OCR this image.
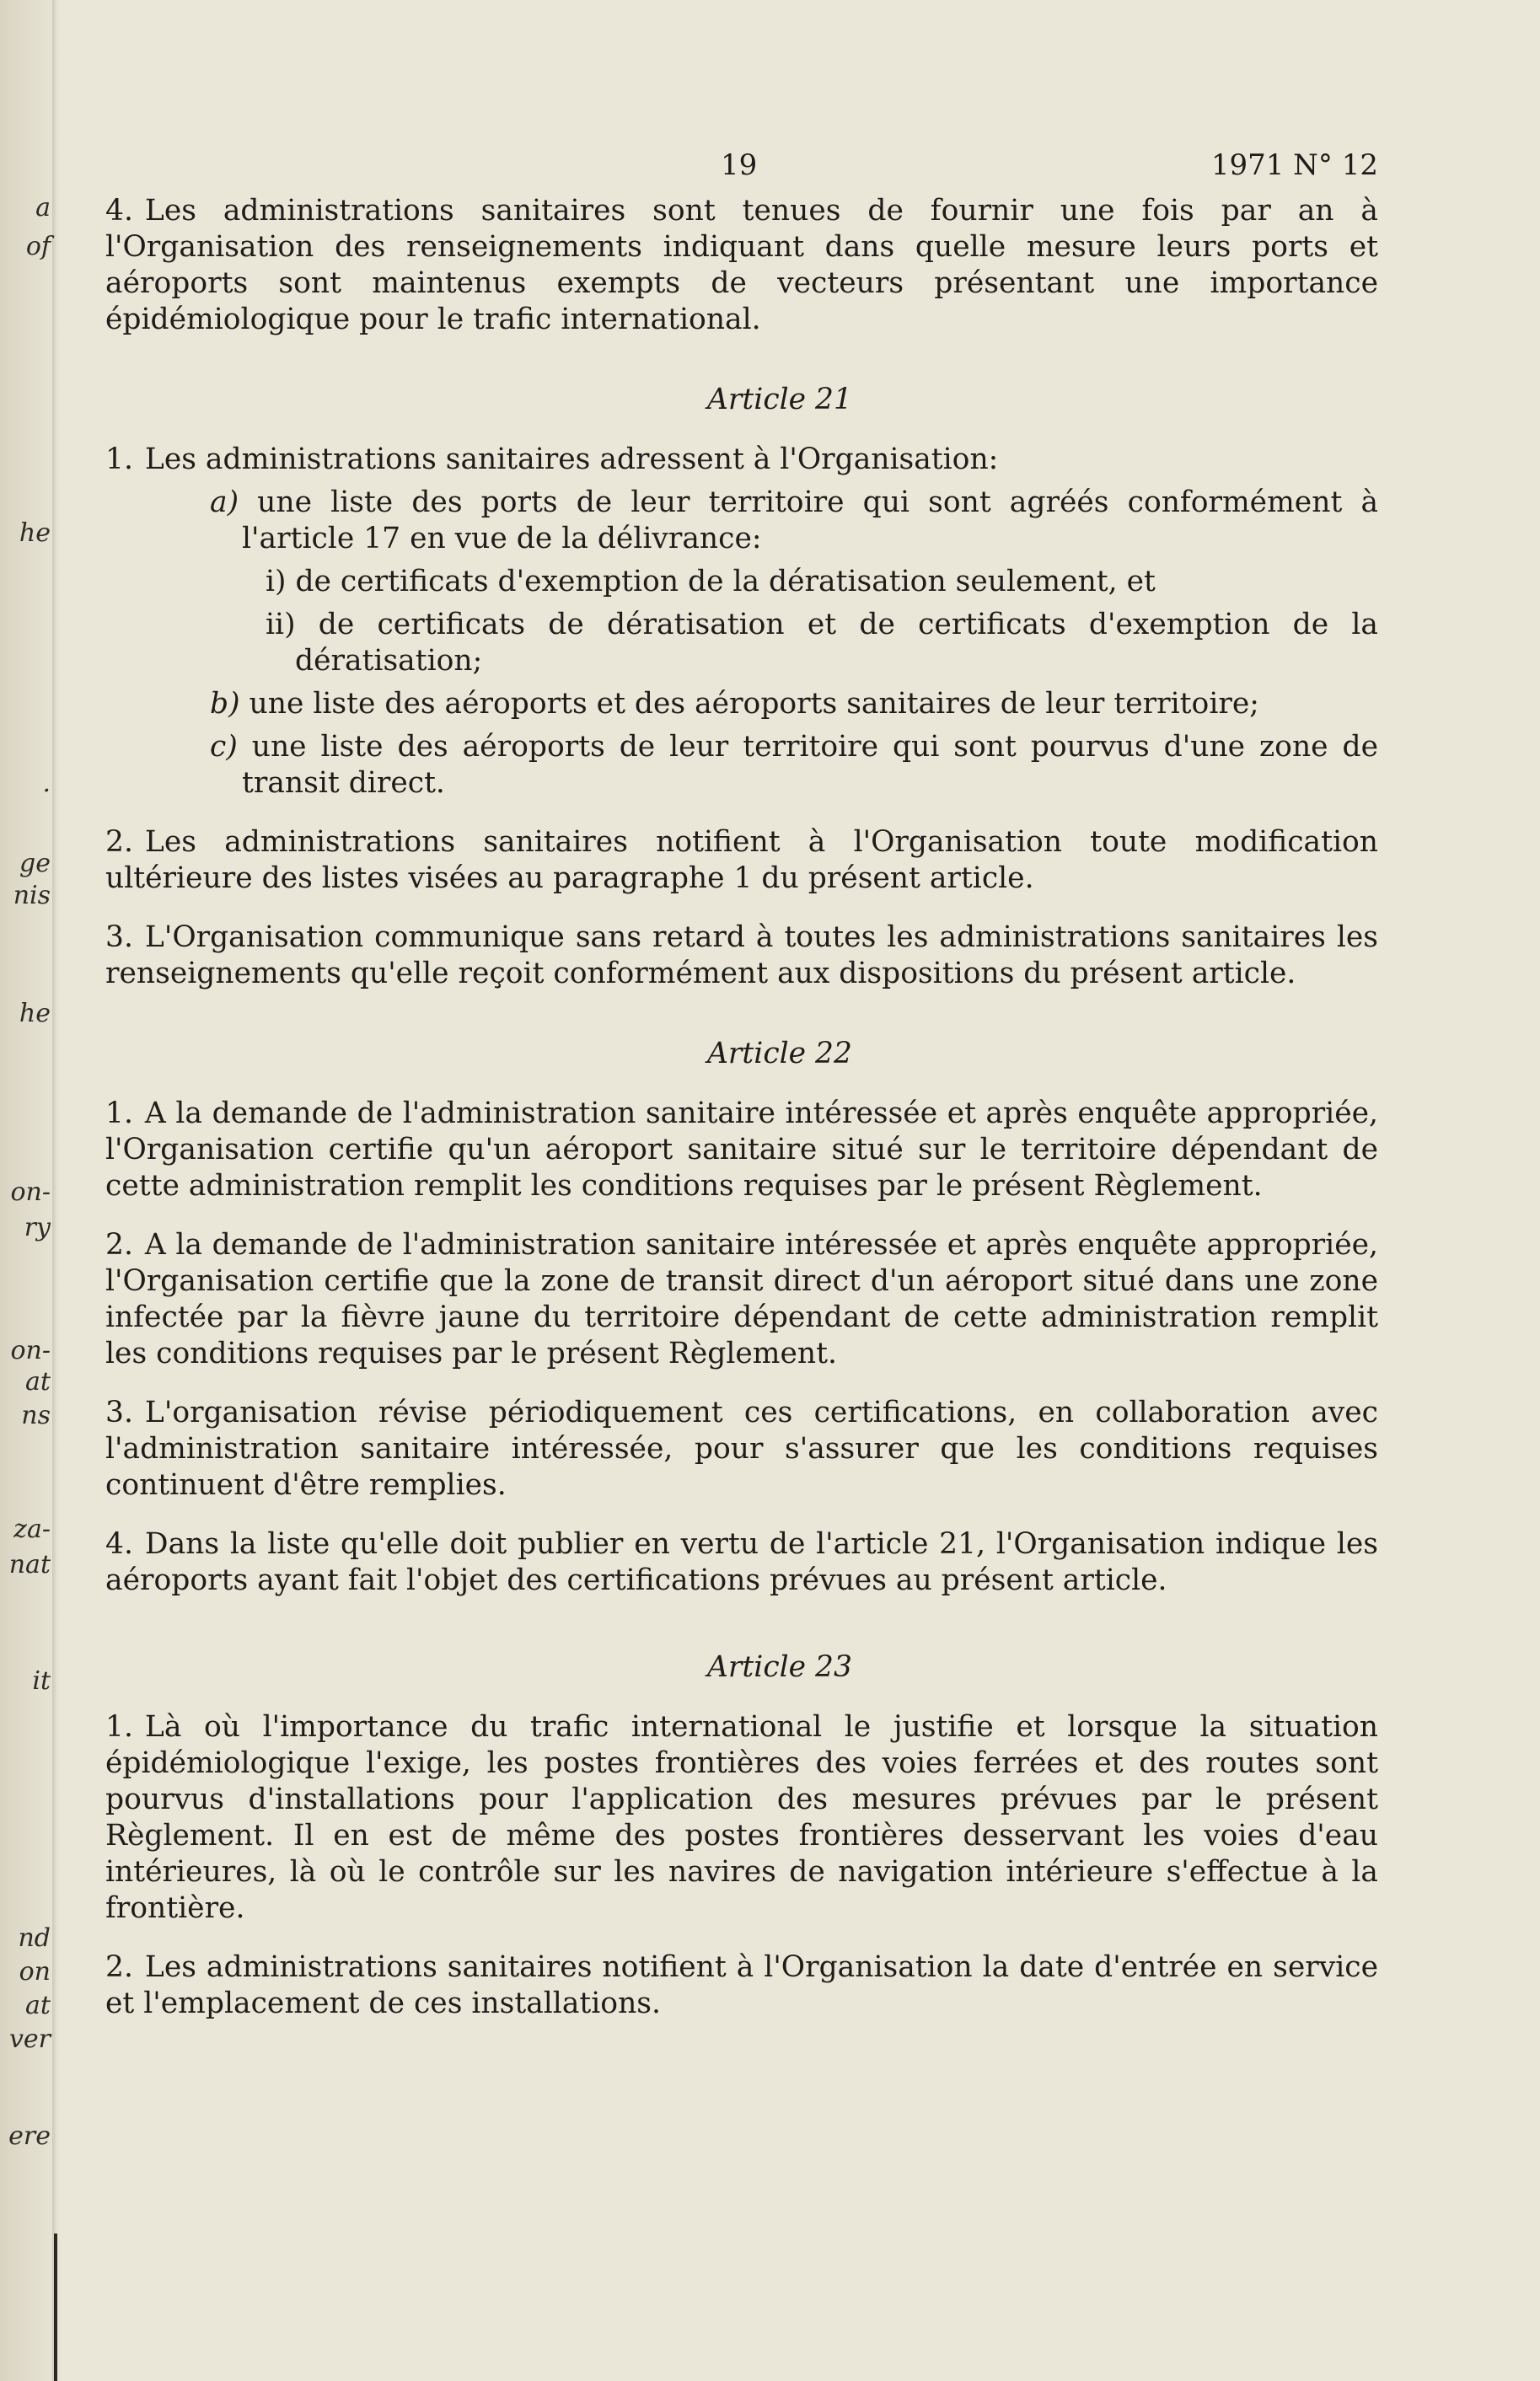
a
of
he
.
ge
nis
he
on-
ry
on-
at
ns
za-
nat
it
nd
on
at
ver
ere
19	1971 N° 12

4. Les administrations sanitaires sont tenues de fournir une fois par an à l'Organisation des renseignements indiquant dans quelle mesure leurs ports et aéroports sont maintenus exempts de vecteurs présentant une importance épidémiologique pour le trafic international.

Article 21

1. Les administrations sanitaires adressent à l'Organisation:

a) une liste des ports de leur territoire qui sont agréés conformément à l'article 17 en vue de la délivrance:

i) de certificats d'exemption de la dératisation seulement, et

ii) de certificats de dératisation et de certificats d'exemption de la dératisation;

b) une liste des aéroports et des aéroports sanitaires de leur territoire;

c) une liste des aéroports de leur territoire qui sont pourvus d'une zone de transit direct.

2. Les administrations sanitaires notifient à l'Organisation toute modification ultérieure des listes visées au paragraphe 1 du présent article.

3. L'Organisation communique sans retard à toutes les administrations sanitaires les renseignements qu'elle reçoit conformément aux dispositions du présent article.

Article 22

1. A la demande de l'administration sanitaire intéressée et après enquête appropriée, l'Organisation certifie qu'un aéroport sanitaire situé sur le territoire dépendant de cette administration remplit les conditions requises par le présent Règlement.

2. A la demande de l'administration sanitaire intéressée et après enquête appropriée, l'Organisation certifie que la zone de transit direct d'un aéroport situé dans une zone infectée par la fièvre jaune du territoire dépendant de cette administration remplit les conditions requises par le présent Règlement.

3. L'organisation révise périodiquement ces certifications, en collaboration avec l'administration sanitaire intéressée, pour s'assurer que les conditions requises continuent d'être remplies.

4. Dans la liste qu'elle doit publier en vertu de l'article 21, l'Organisation indique les aéroports ayant fait l'objet des certifications prévues au présent article.

Article 23

1. Là où l'importance du trafic international le justifie et lorsque la situation épidémiologique l'exige, les postes frontières des voies ferrées et des routes sont pourvus d'installations pour l'application des mesures prévues par le présent Règlement. Il en est de même des postes frontières desservant les voies d'eau intérieures, là où le contrôle sur les navires de navigation intérieure s'effectue à la frontière.

2. Les administrations sanitaires notifient à l'Organisation la date d'entrée en service et l'emplacement de ces installations.
